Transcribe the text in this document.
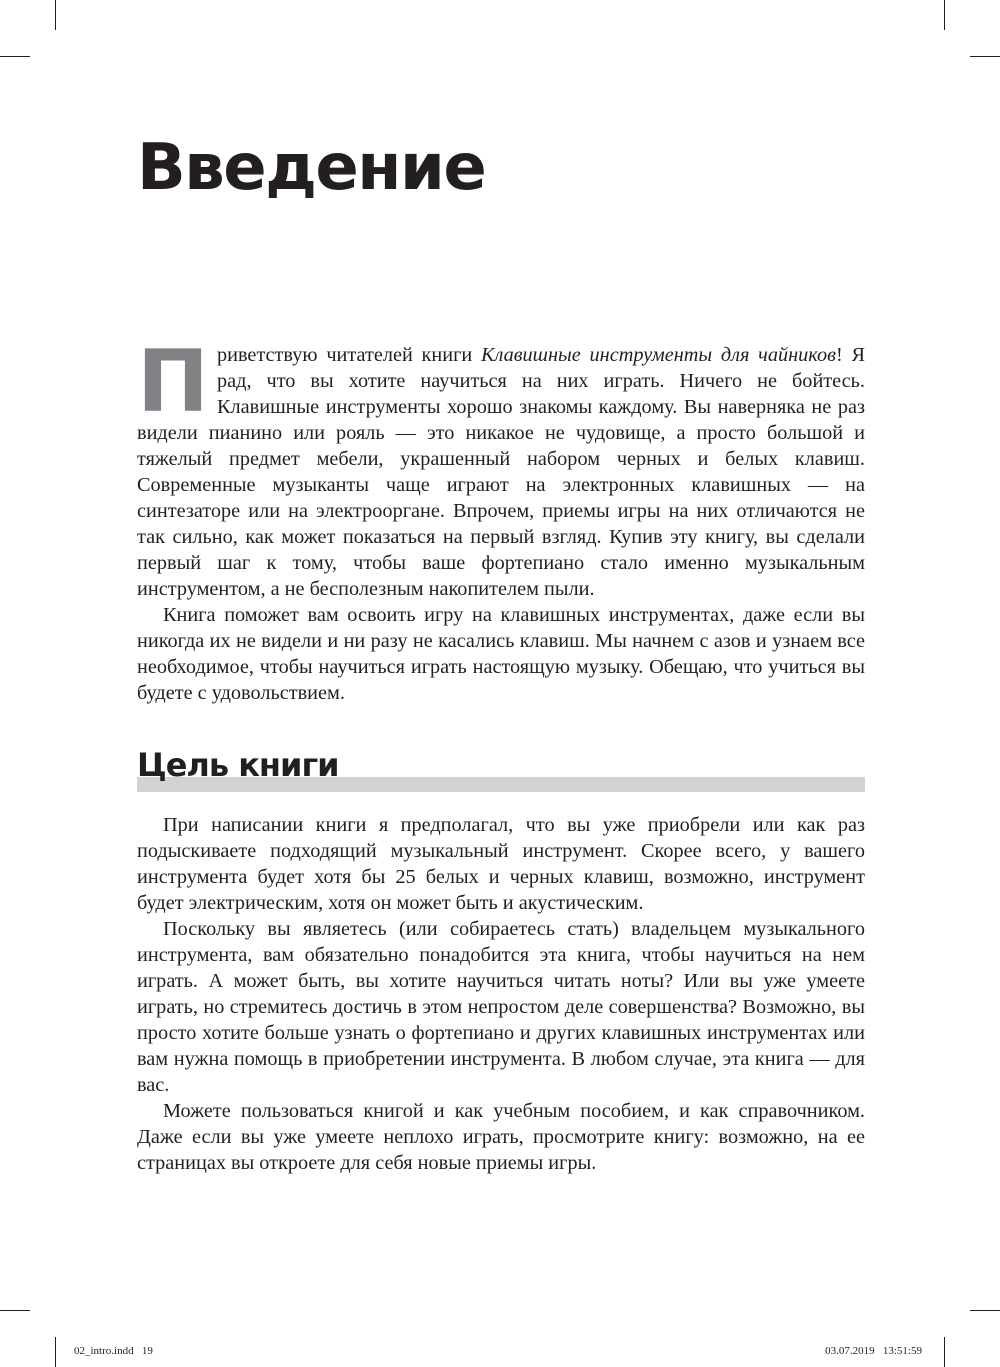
Введение

Приветствую читателей книги Клавишные инструменты для чайников! Я рад, что вы хотите научиться на них играть. Ничего не бойтесь. Клавишные инструменты хорошо знакомы каждому. Вы наверняка не раз видели пианино или рояль — это никакое не чудовище, а просто большой и тяжелый предмет мебели, украшенный набором черных и белых клавиш. Современные музыканты чаще играют на электронных клавишных — на синтезаторе или на электрооргане. Впрочем, приемы игры на них отличаются не так сильно, как может показаться на первый взгляд. Купив эту книгу, вы сделали первый шаг к тому, чтобы ваше фортепиано стало именно музыкальным инструментом, а не бесполезным накопителем пыли.

Книга поможет вам освоить игру на клавишных инструментах, даже если вы никогда их не видели и ни разу не касались клавиш. Мы начнем с азов и узнаем все необходимое, чтобы научиться играть настоящую музыку. Обещаю, что учиться вы будете с удовольствием.

Цель книги

При написании книги я предполагал, что вы уже приобрели или как раз подыскиваете подходящий музыкальный инструмент. Скорее всего, у вашего инструмента будет хотя бы 25 белых и черных клавиш, возможно, инструмент будет электрическим, хотя он может быть и акустическим.

Поскольку вы являетесь (или собираетесь стать) владельцем музыкального инструмента, вам обязательно понадобится эта книга, чтобы научиться на нем играть. А может быть, вы хотите научиться читать ноты? Или вы уже умеете играть, но стремитесь достичь в этом непростом деле совершенства? Возможно, вы просто хотите больше узнать о фортепиано и других клавишных инструментах или вам нужна помощь в приобретении инструмента. В любом случае, эта книга — для вас.

Можете пользоваться книгой и как учебным пособием, и как справочником. Даже если вы уже умеете неплохо играть, просмотрите книгу: возможно, на ее страницах вы откроете для себя новые приемы игры.

02_intro.indd   19	03.07.2019   13:51:59
